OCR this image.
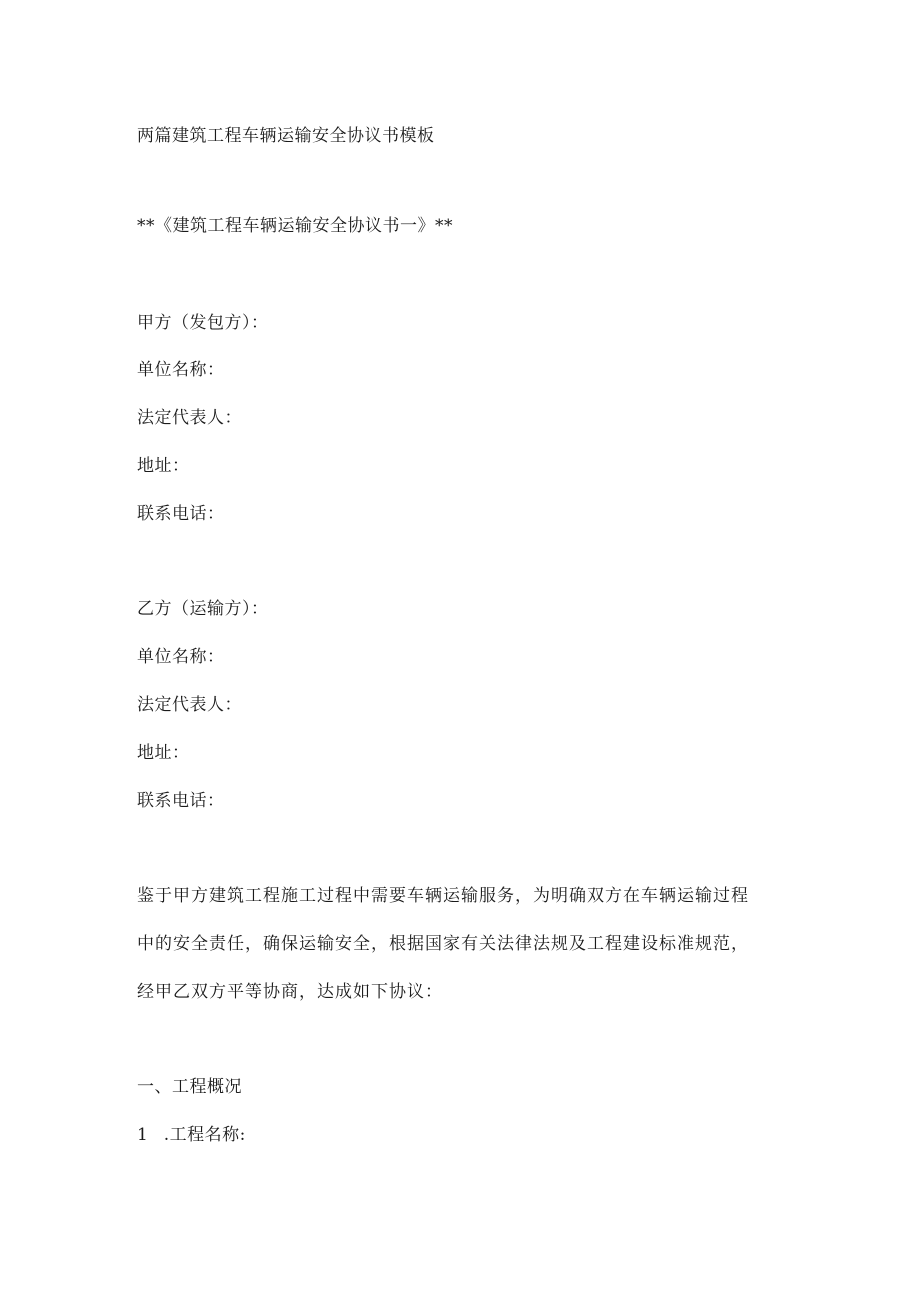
两篇建筑工程车辆运输安全协议书模板
**《建筑工程车辆运输安全协议书一》**
甲方（发包方）：
单位名称：
法定代表人：
地址：
联系电话：
乙方（运输方）：
单位名称：
法定代表人：
地址：
联系电话：
鉴于甲方建筑工程施工过程中需要车辆运输服务，为明确双方在车辆运输过程
中的安全责任，确保运输安全，根据国家有关法律法规及工程建设标准规范，
经甲乙双方平等协商，达成如下协议：
一、工程概况
1 .工程名称:
